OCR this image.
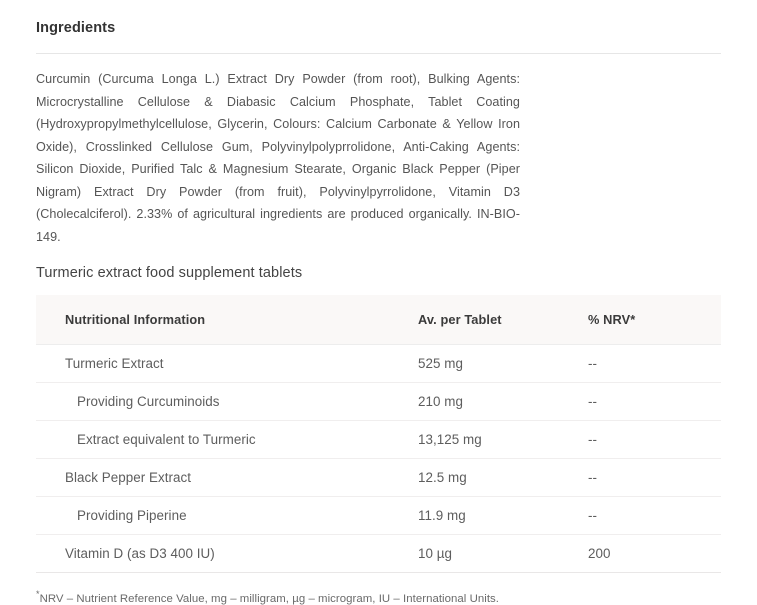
Ingredients

Curcumin (Curcuma Longa L.) Extract Dry Powder (from root), Bulking Agents: Microcrystalline Cellulose & Diabasic Calcium Phosphate, Tablet Coating (Hydroxypropylmethylcellulose, Glycerin, Colours: Calcium Carbonate & Yellow Iron Oxide), Crosslinked Cellulose Gum, Polyvinylpolyprrolidone, Anti-Caking Agents: Silicon Dioxide, Purified Talc & Magnesium Stearate, Organic Black Pepper (Piper Nigram) Extract Dry Powder (from fruit), Polyvinylpyrrolidone, Vitamin D3 (Cholecalciferol). 2.33% of agricultural ingredients are produced organically. IN-BIO-149.

Turmeric extract food supplement tablets
Nutritional Information	Av. per Tablet	% NRV*
Turmeric Extract	525 mg	--
Providing Curcuminoids	210 mg	--
Extract equivalent to Turmeric	13,125 mg	--
Black Pepper Extract	12.5 mg	--
Providing Piperine	11.9 mg	--
Vitamin D (as D3 400 IU)	10 µg	200
*NRV – Nutrient Reference Value, mg – milligram, µg – microgram, IU – International Units.
